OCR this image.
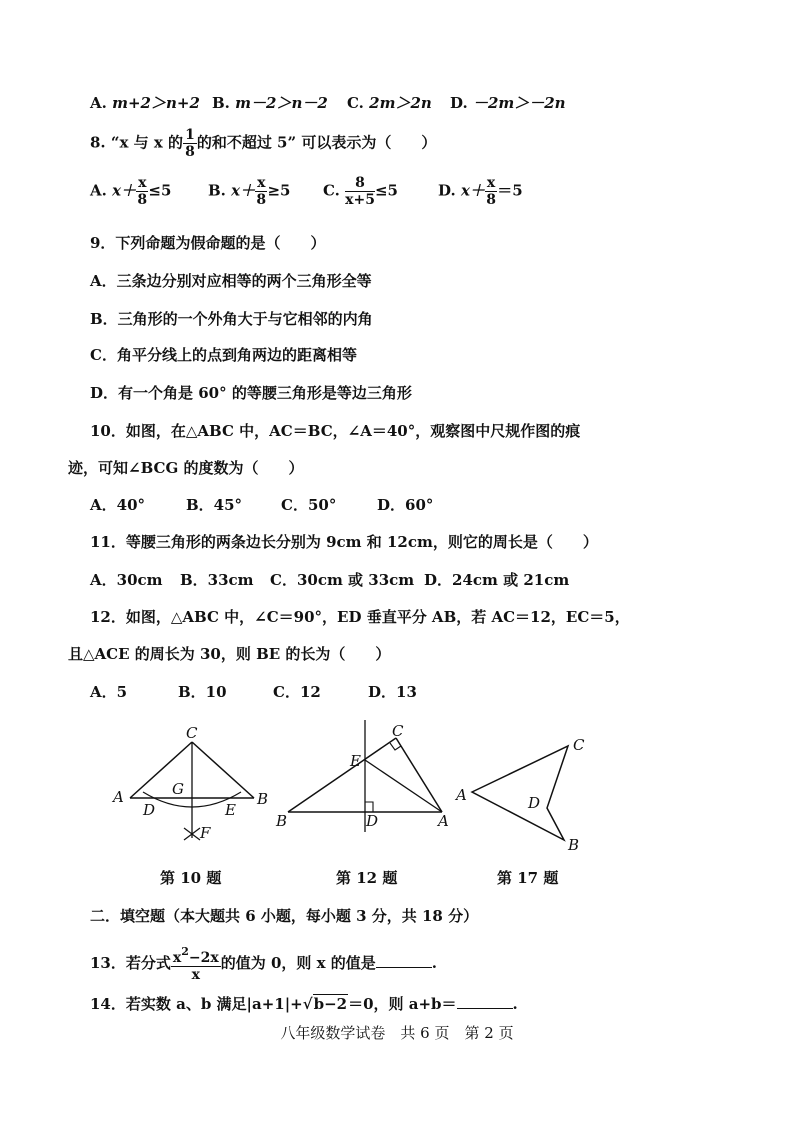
A. m+2＞n+2 B. m－2＞n－2 C. 2m＞2n D. －2m＞－2n
8. “x 与 x 的 $\frac{1}{8}$ 的和不超过 5” 可以表示为（　　）
A. $x+ \frac{x}{8} \le 5$ B. $x+ \frac{x}{8} \ge 5$ C. $\frac{8}{x+5} \le 5$	D. $x+ \frac{x}{8} =5$
9．下列命题为假命题的是（　　）
A．三条边分别对应相等的两个三角形全等
B．三角形的一个外角大于与它相邻的内角
C．角平分线上的点到角两边的距离相等
D．有一个角是 60° 的等腰三角形是等边三角形
10．如图，在△ABC 中，AC＝BC，∠A＝40°，观察图中尺规作图的痕
迹，可知∠BCG 的度数为（　　）
A．40°	B．45°	C．50°	D．60°
11．等腰三角形的两条边长分别为 9cm 和 12cm，则它的周长是（　　）
A．30cm B．33cm C．30cm 或 33cm D．24cm 或 21cm
12．如图，△ABC 中，∠C＝90°，ED 垂直平分 AB，若 AC＝12，EC＝5，
且△ACE 的周长为 30，则 BE 的长为（　　）
A．5	B．10	C．12	D．13
C
A	B
G
D	E
F
第 10 题
E
C
B	D	A
第 12 题
A
C
D
B
第 17 题
二．填空题（本大题共 6 小题，每小题 3 分，共 18 分）
13．若分式 $\frac{x^2-2x}{x}$ 的值为 0，则 x 的值是	.
14．若实数 a、b 满足|a+1|+√b−2＝0，则 a+b＝	.
八年级数学试卷　共 6 页　第 2 页
